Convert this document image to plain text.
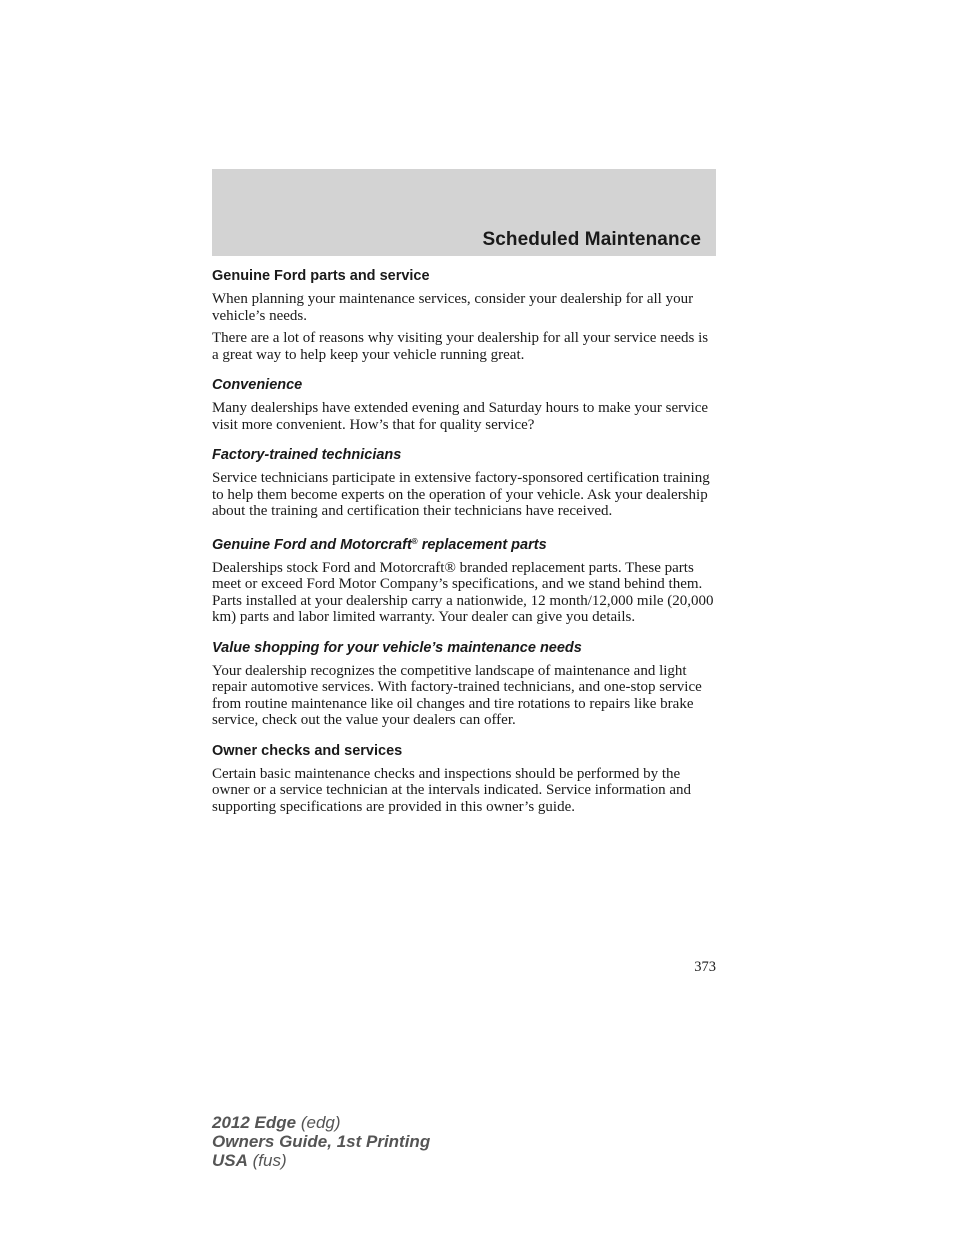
Scheduled Maintenance
Genuine Ford parts and service

When planning your maintenance services, consider your dealership for all your vehicle’s needs.

There are a lot of reasons why visiting your dealership for all your service needs is a great way to help keep your vehicle running great.

Convenience

Many dealerships have extended evening and Saturday hours to make your service visit more convenient. How’s that for quality service?

Factory-trained technicians

Service technicians participate in extensive factory-sponsored certification training to help them become experts on the operation of your vehicle. Ask your dealership about the training and certification their technicians have received.

Genuine Ford and Motorcraft® replacement parts

Dealerships stock Ford and Motorcraft® branded replacement parts. These parts meet or exceed Ford Motor Company’s specifications, and we stand behind them. Parts installed at your dealership carry a nationwide, 12 month/12,000 mile (20,000 km) parts and labor limited warranty. Your dealer can give you details.

Value shopping for your vehicle’s maintenance needs

Your dealership recognizes the competitive landscape of maintenance and light repair automotive services. With factory-trained technicians, and one-stop service from routine maintenance like oil changes and tire rotations to repairs like brake service, check out the value your dealers can offer.

Owner checks and services

Certain basic maintenance checks and inspections should be performed by the owner or a service technician at the intervals indicated. Service information and supporting specifications are provided in this owner’s guide.

373
2012 Edge (edg)
Owners Guide, 1st Printing
USA (fus)
